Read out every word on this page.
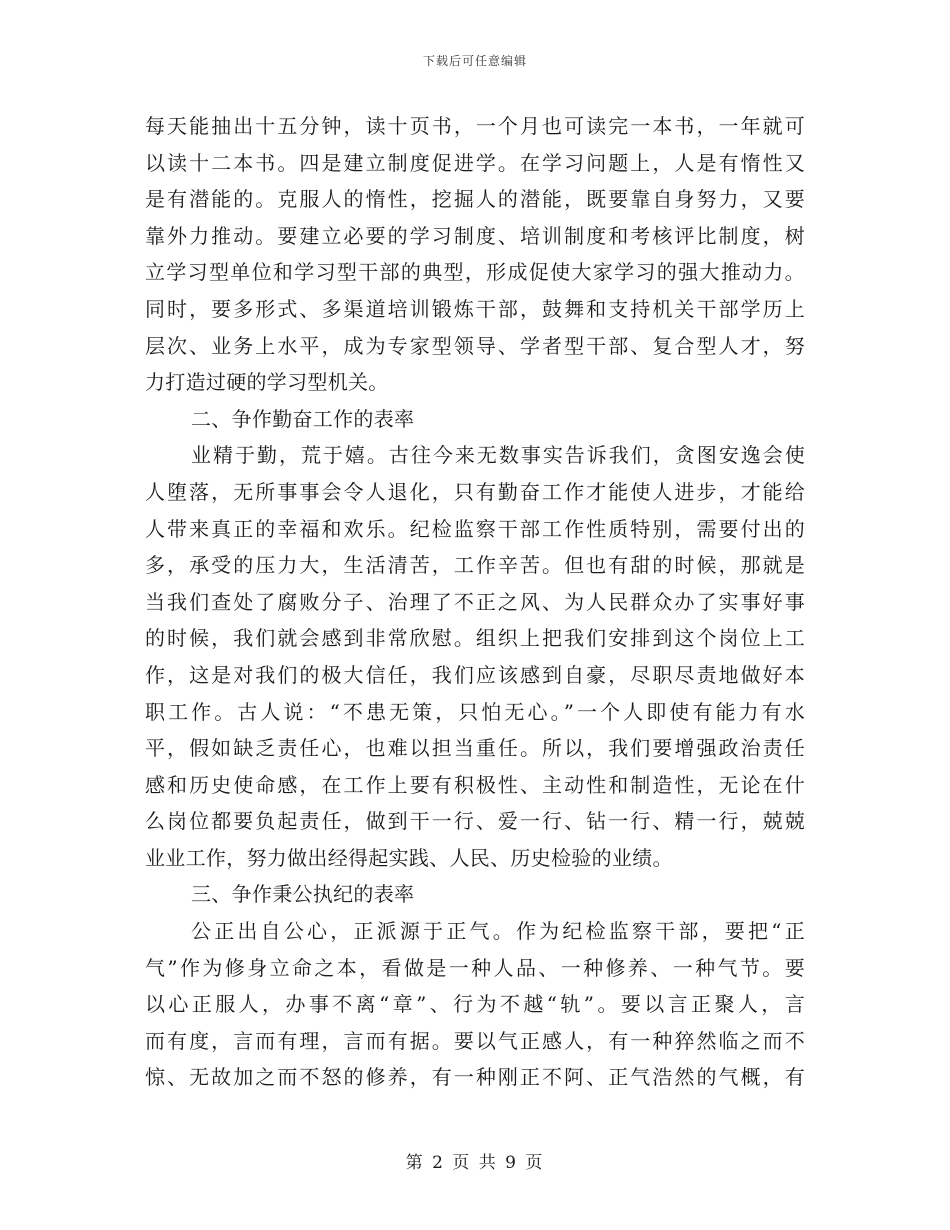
下载后可任意编辑
每天能抽出十五分钟，读十页书，一个月也可读完一本书，一年就可
以读十二本书。四是建立制度促进学。在学习问题上，人是有惰性又
是有潜能的。克服人的惰性，挖掘人的潜能，既要靠自身努力，又要
靠外力推动。要建立必要的学习制度、培训制度和考核评比制度，树
立学习型单位和学习型干部的典型，形成促使大家学习的强大推动力。
同时，要多形式、多渠道培训锻炼干部，鼓舞和支持机关干部学历上
层次、业务上水平，成为专家型领导、学者型干部、复合型人才，努
力打造过硬的学习型机关。
二、争作勤奋工作的表率
业精于勤，荒于嬉。古往今来无数事实告诉我们，贪图安逸会使
人堕落，无所事事会令人退化，只有勤奋工作才能使人进步，才能给
人带来真正的幸福和欢乐。纪检监察干部工作性质特别，需要付出的
多，承受的压力大，生活清苦，工作辛苦。但也有甜的时候，那就是
当我们查处了腐败分子、治理了不正之风、为人民群众办了实事好事
的时候，我们就会感到非常欣慰。组织上把我们安排到这个岗位上工
作，这是对我们的极大信任，我们应该感到自豪，尽职尽责地做好本
职工作。古人说：“不患无策，只怕无心。”一个人即使有能力有水
平，假如缺乏责任心，也难以担当重任。所以，我们要增强政治责任
感和历史使命感，在工作上要有积极性、主动性和制造性，无论在什
么岗位都要负起责任，做到干一行、爱一行、钻一行、精一行，兢兢
业业工作，努力做出经得起实践、人民、历史检验的业绩。
三、争作秉公执纪的表率
公正出自公心，正派源于正气。作为纪检监察干部，要把“正
气”作为修身立命之本，看做是一种人品、一种修养、一种气节。要
以心正服人，办事不离“章”、行为不越“轨”。要以言正聚人，言
而有度，言而有理，言而有据。要以气正感人，有一种猝然临之而不
惊、无故加之而不怒的修养，有一种刚正不阿、正气浩然的气概，有
第 2 页 共 9 页
